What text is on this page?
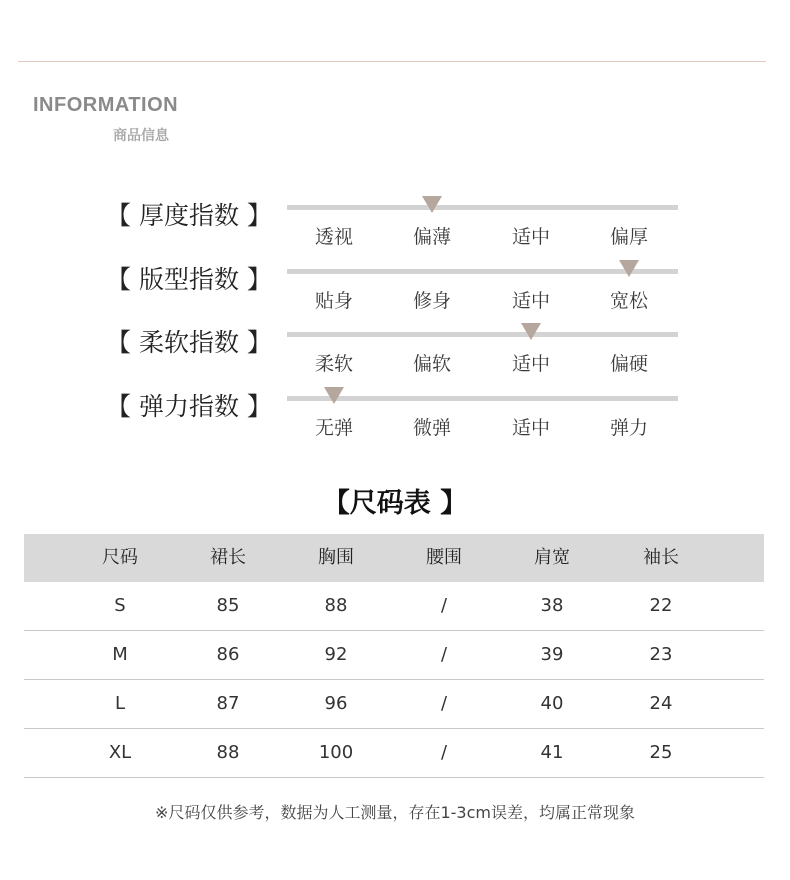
INFORMATION
商品信息
【 厚度指数 】
透视	偏薄	适中	偏厚
【 版型指数 】
贴身	修身	适中	宽松
【 柔软指数 】
柔软	偏软	适中	偏硬
【 弹力指数 】
无弹	微弹	适中	弹力
【尺码表 】
尺码	裙长	胸围	腰围	肩宽	袖长
S	85	88	/	38	22
M	86	92	/	39	23
L	87	96	/	40	24
XL	88	100	/	41	25
※尺码仅供参考，数据为人工测量，存在1-3cm误差，均属正常现象
